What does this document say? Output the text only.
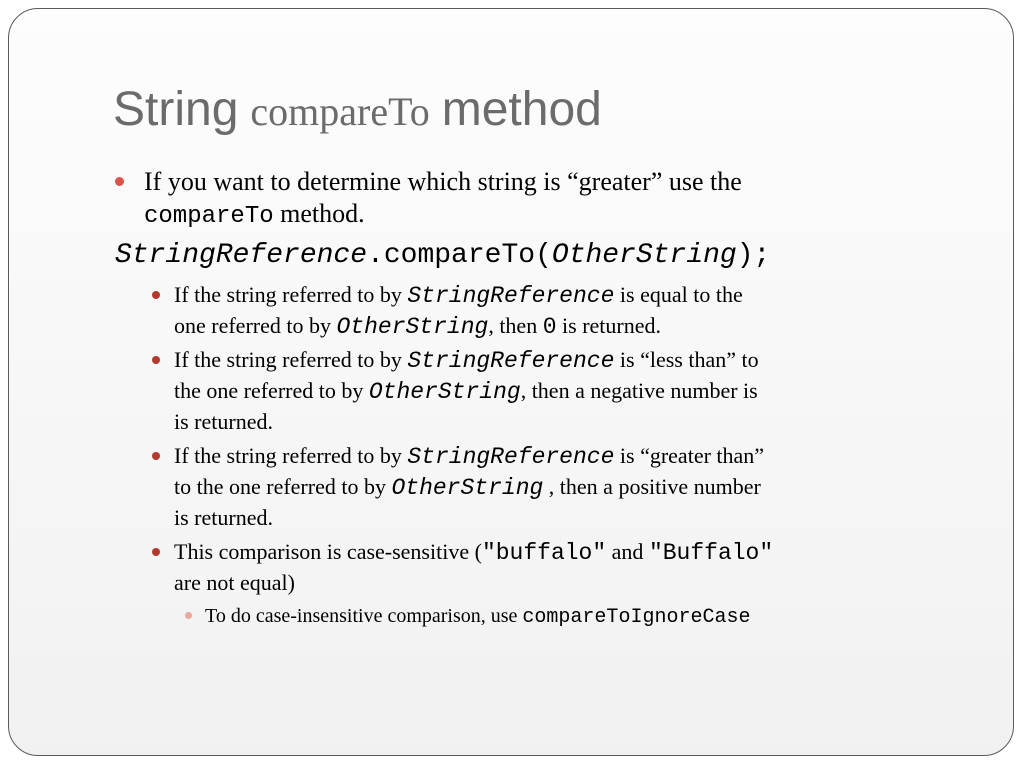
String compareTo method
If you want to determine which string is “greater” use the
compareTo method.
StringReference.compareTo(OtherString);
If the string referred to by StringReference is equal to the
one referred to by OtherString, then 0 is returned.
If the string referred to by StringReference is “less than” to
the one referred to by OtherString, then a negative number is
is returned.
If the string referred to by StringReference is “greater than”
to the one referred to by OtherString , then a positive number
is returned.
This comparison is case-sensitive ("buffalo" and "Buffalo"
are not equal)
To do case-insensitive comparison, use compareToIgnoreCase
